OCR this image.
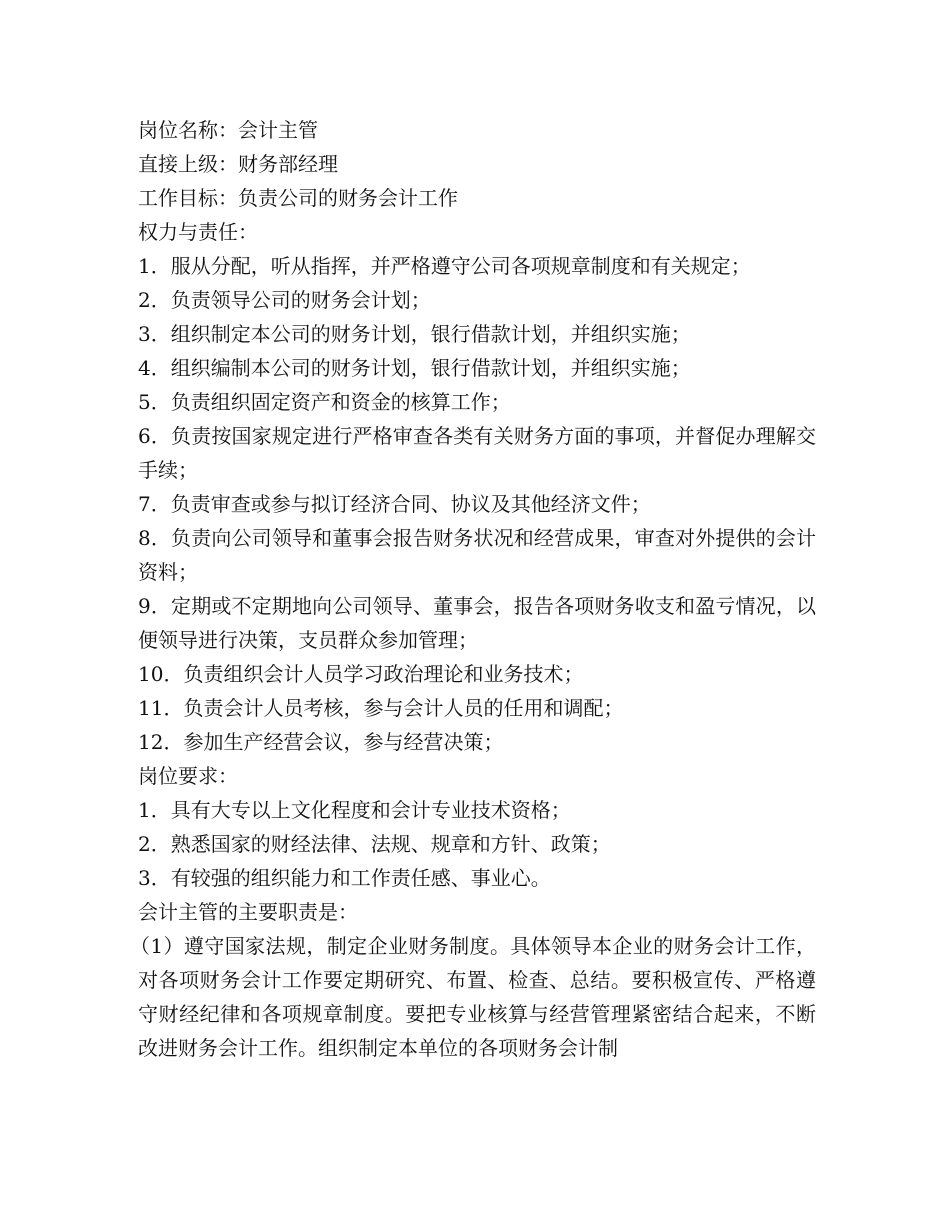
岗位名称：会计主管

直接上级：财务部经理

工作目标：负责公司的财务会计工作

权力与责任：

1．服从分配，听从指挥，并严格遵守公司各项规章制度和有关规定；

2．负责领导公司的财务会计划；

3．组织制定本公司的财务计划，银行借款计划，并组织实施；

4．组织编制本公司的财务计划，银行借款计划，并组织实施；

5．负责组织固定资产和资金的核算工作；

6．负责按国家规定进行严格审查各类有关财务方面的事项，并督促办理解交手续；

7．负责审查或参与拟订经济合同、协议及其他经济文件；

8．负责向公司领导和董事会报告财务状况和经营成果，审查对外提供的会计资料；

9．定期或不定期地向公司领导、董事会，报告各项财务收支和盈亏情况，以便领导进行决策，支员群众参加管理；

10．负责组织会计人员学习政治理论和业务技术；

11．负责会计人员考核，参与会计人员的任用和调配；

12．参加生产经营会议，参与经营决策；

岗位要求：

1．具有大专以上文化程度和会计专业技术资格；

2．熟悉国家的财经法律、法规、规章和方针、政策；

3．有较强的组织能力和工作责任感、事业心。

会计主管的主要职责是：

（1）遵守国家法规，制定企业财务制度。具体领导本企业的财务会计工作，对各项财务会计工作要定期研究、布置、检查、总结。要积极宣传、严格遵守财经纪律和各项规章制度。要把专业核算与经营管理紧密结合起来，不断改进财务会计工作。组织制定本单位的各项财务会计制
